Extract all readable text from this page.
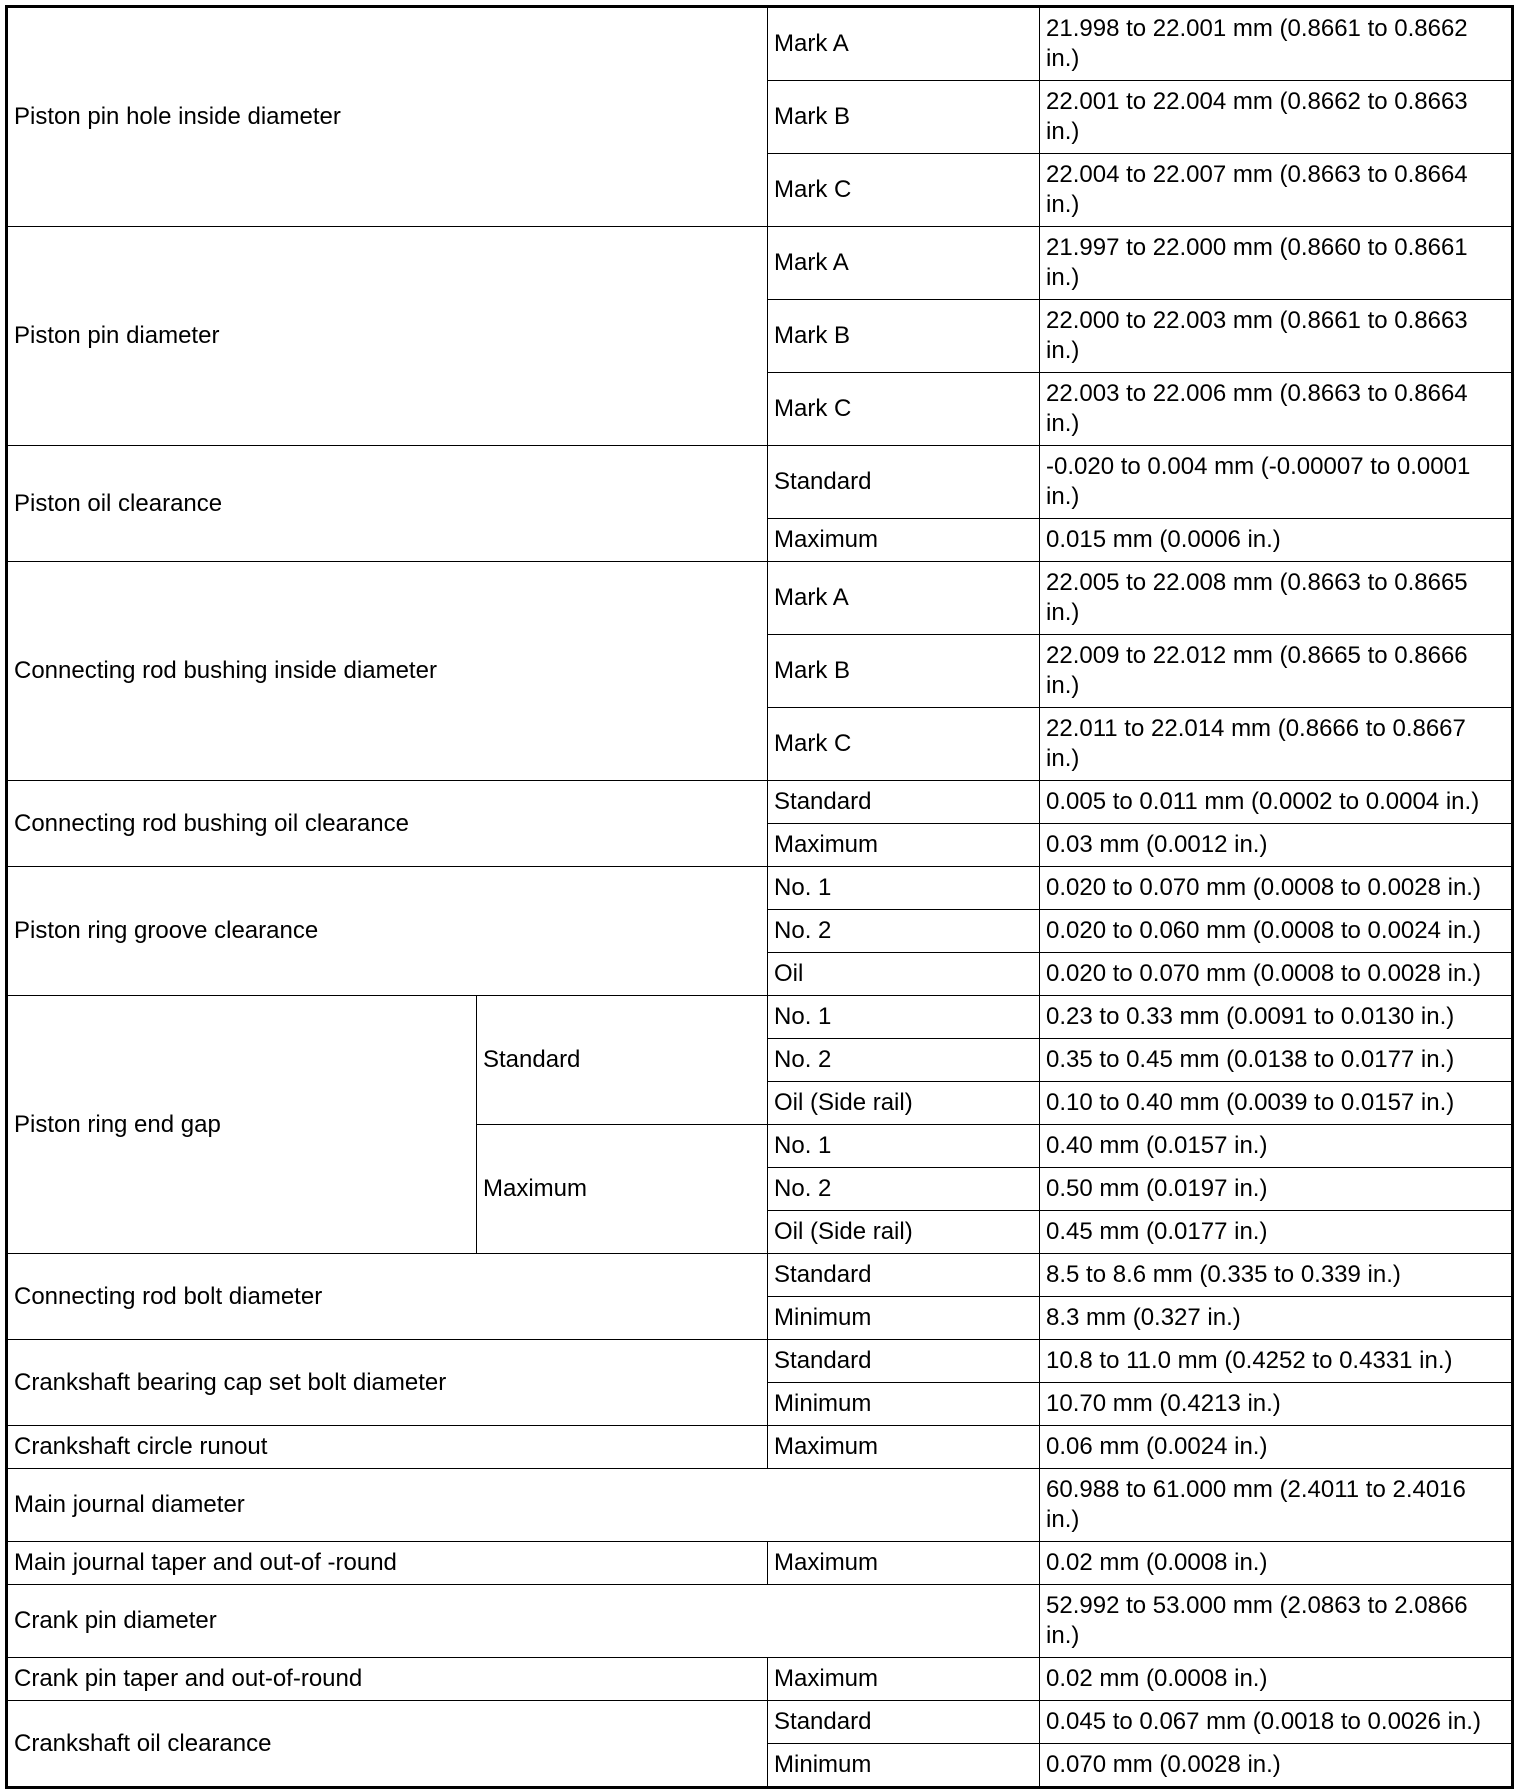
Piston pin hole inside diameter		Mark A	21.998 to 22.001 mm (0.8661 to 0.8662 in.)
		Mark B	22.001 to 22.004 mm (0.8662 to 0.8663 in.)
		Mark C	22.004 to 22.007 mm (0.8663 to 0.8664 in.)
Piston pin diameter		Mark A	21.997 to 22.000 mm (0.8660 to 0.8661 in.)
		Mark B	22.000 to 22.003 mm (0.8661 to 0.8663 in.)
		Mark C	22.003 to 22.006 mm (0.8663 to 0.8664 in.)
Piston oil clearance		Standard	-0.020 to 0.004 mm (-0.00007 to 0.0001 in.)
		Maximum	0.015 mm (0.0006 in.)
Connecting rod bushing inside diameter		Mark A	22.005 to 22.008 mm (0.8663 to 0.8665 in.)
		Mark B	22.009 to 22.012 mm (0.8665 to 0.8666 in.)
		Mark C	22.011 to 22.014 mm (0.8666 to 0.8667 in.)
Connecting rod bushing oil clearance		Standard	0.005 to 0.011 mm (0.0002 to 0.0004 in.)
		Maximum	0.03 mm (0.0012 in.)
Piston ring groove clearance		No. 1	0.020 to 0.070 mm (0.0008 to 0.0028 in.)
		No. 2	0.020 to 0.060 mm (0.0008 to 0.0024 in.)
		Oil	0.020 to 0.070 mm (0.0008 to 0.0028 in.)
Piston ring end gap	Standard	No. 1	0.23 to 0.33 mm (0.0091 to 0.0130 in.)
		No. 2	0.35 to 0.45 mm (0.0138 to 0.0177 in.)
		Oil (Side rail)	0.10 to 0.40 mm (0.0039 to 0.0157 in.)
	Maximum	No. 1	0.40 mm (0.0157 in.)
		No. 2	0.50 mm (0.0197 in.)
		Oil (Side rail)	0.45 mm (0.0177 in.)
Connecting rod bolt diameter		Standard	8.5 to 8.6 mm (0.335 to 0.339 in.)
		Minimum	8.3 mm (0.327 in.)
Crankshaft bearing cap set bolt diameter		Standard	10.8 to 11.0 mm (0.4252 to 0.4331 in.)
		Minimum	10.70 mm (0.4213 in.)
Crankshaft circle runout		Maximum	0.06 mm (0.0024 in.)
Main journal diameter			60.988 to 61.000 mm (2.4011 to 2.4016 in.)
Main journal taper and out-of -round		Maximum	0.02 mm (0.0008 in.)
Crank pin diameter			52.992 to 53.000 mm (2.0863 to 2.0866 in.)
Crank pin taper and out-of-round		Maximum	0.02 mm (0.0008 in.)
Crankshaft oil clearance		Standard	0.045 to 0.067 mm (0.0018 to 0.0026 in.)
		Minimum	0.070 mm (0.0028 in.)
